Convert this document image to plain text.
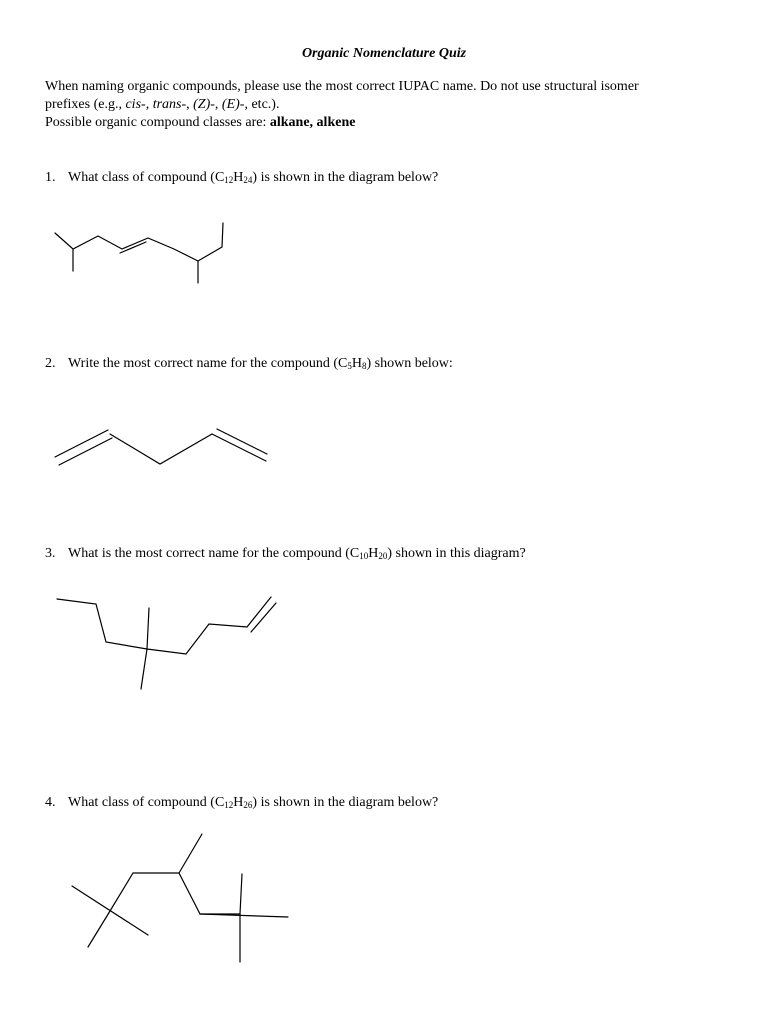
Organic Nomenclature Quiz
When naming organic compounds, please use the most correct IUPAC name. Do not use structural isomer
prefixes (e.g., cis-, trans-, (Z)-, (E)-, etc.).
Possible organic compound classes are: alkane, alkene
1. What class of compound $(C_{12}H_{24})$ is shown in the diagram below?
2. Write the most correct name for the compound $(C_5H_8)$ shown below:
3. What is the most correct name for the compound $(C_{10}H_{20})$ shown in this diagram?
4. What class of compound $(C_{12}H_{26})$ is shown in the diagram below?
